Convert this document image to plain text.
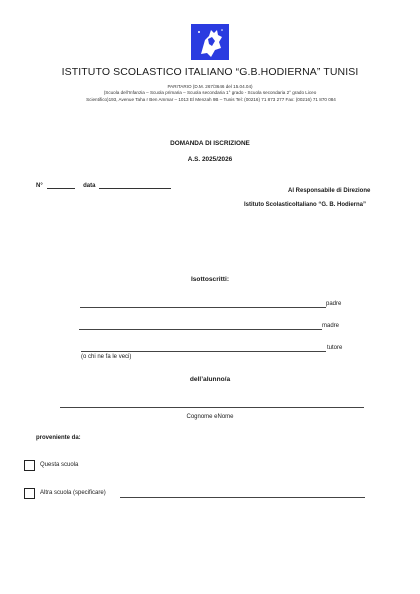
ISTITUTO SCOLASTICO ITALIANO “G.B.HODIERNA” TUNISI
PARITARIO (D.M. 267/3646 del 15.04.04)
(Scuola dell’Infanzia – Scuola primaria – Scuola secondaria 1° grado - Scuola secondaria 2° grado Liceo
Scientifico)193, Avenue Taha r Ben Ammar – 1013 El Menzah 9B – Tunis Tel: (00216) 71 873 277 Fax: (00216) 71 870 084
DOMANDA DI ISCRIZIONE
A.S. 2025/2026
N°	data
Al Responsabile di Direzione
Istituto ScolasticoItaliano “G. B. Hodierna”
Isottoscritti:
padre
madre
tutore
(o chi ne fa le veci)
dell’alunno/a
Cognome eNome
proveniente da:
Questa scuola
Altra scuola (specificare)
